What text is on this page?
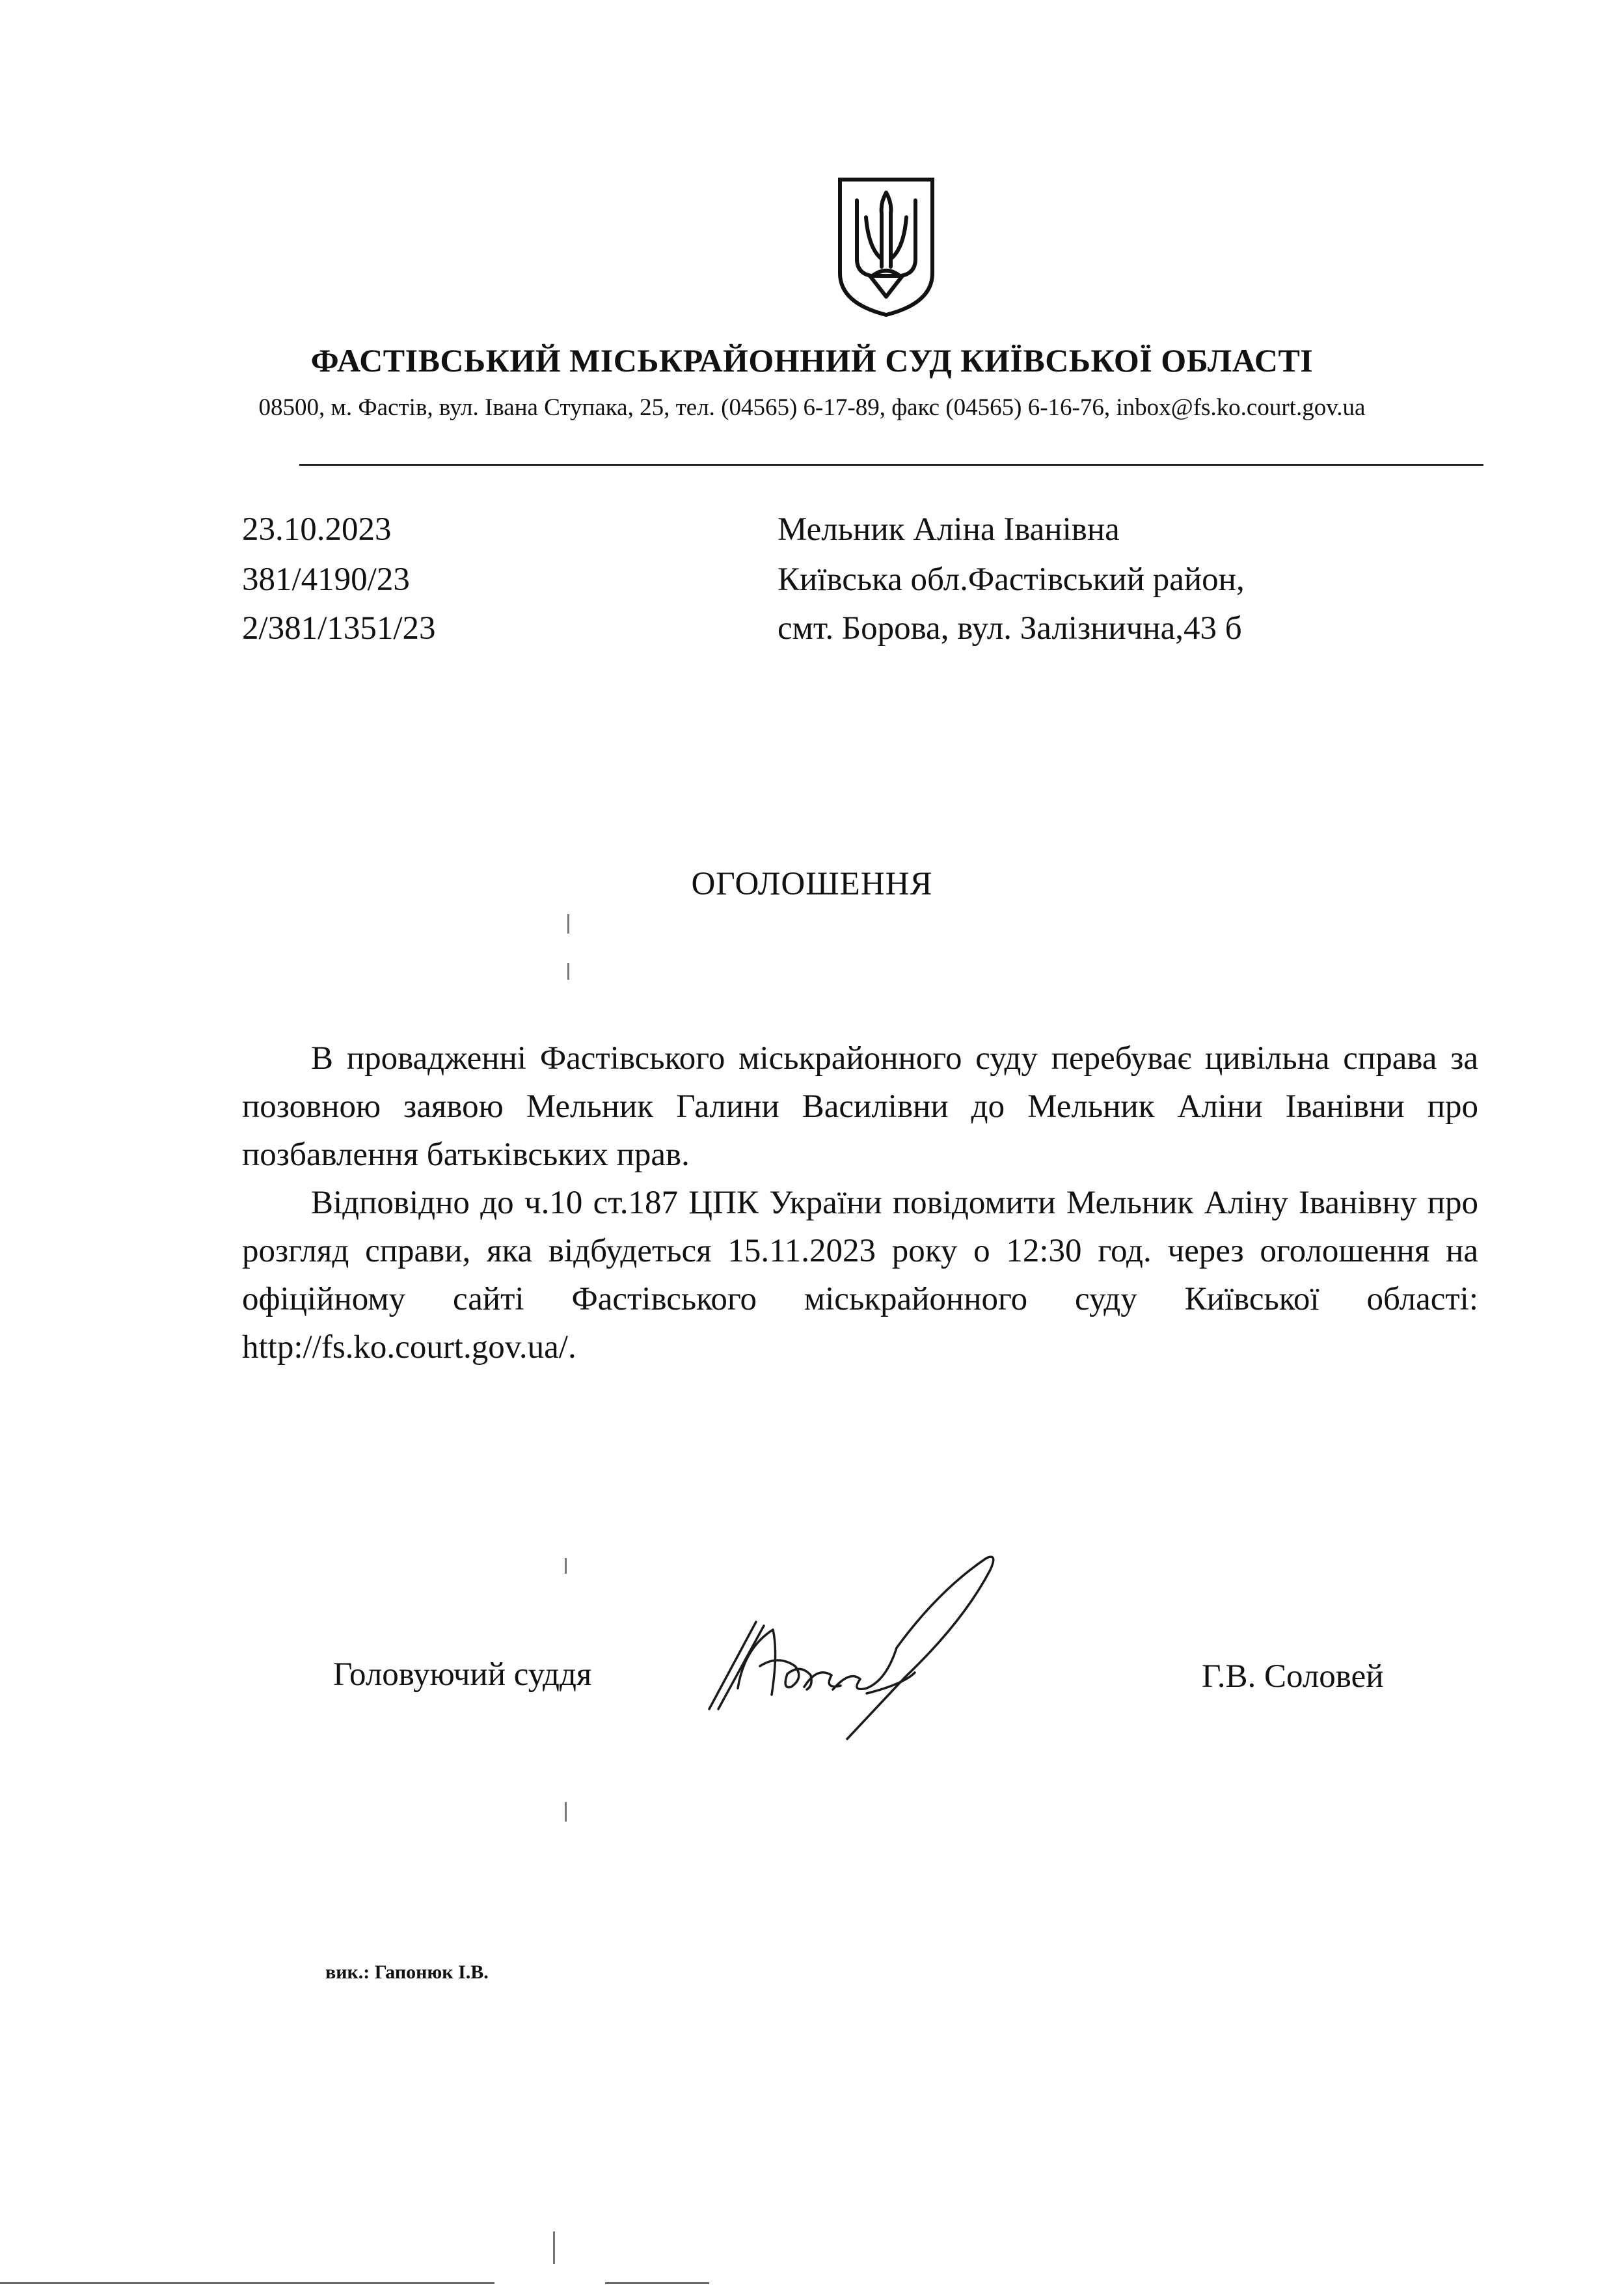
ФАСТІВСЬКИЙ МІСЬКРАЙОННИЙ СУД КИЇВСЬКОЇ ОБЛАСТІ
08500, м. Фастів, вул. Івана Ступака, 25, тел. (04565) 6-17-89, факс (04565) 6-16-76, inbox@fs.ko.court.gov.ua
23.10.2023
381/4190/23
2/381/1351/23
Мельник Аліна Іванівна
Київська обл.Фастівський район,
смт. Борова, вул. Залізнична,43 б
ОГОЛОШЕННЯ

В провадженні Фастівського міськрайонного суду перебуває цивільна справа за позовною заявою Мельник Галини Василівни до Мельник Аліни Іванівни про позбавлення батьківських прав.

Відповідно до ч.10 ст.187 ЦПК України повідомити Мельник Аліну Іванівну про розгляд справи, яка відбудеться 15.11.2023 року о 12:30 год. через оголошення на офіційному сайті Фастівського міськрайонного суду Київської області: http://fs.ko.court.gov.ua/.

Головуючий суддя	Г.В. Соловей
вик.: Гапонюк І.В.
